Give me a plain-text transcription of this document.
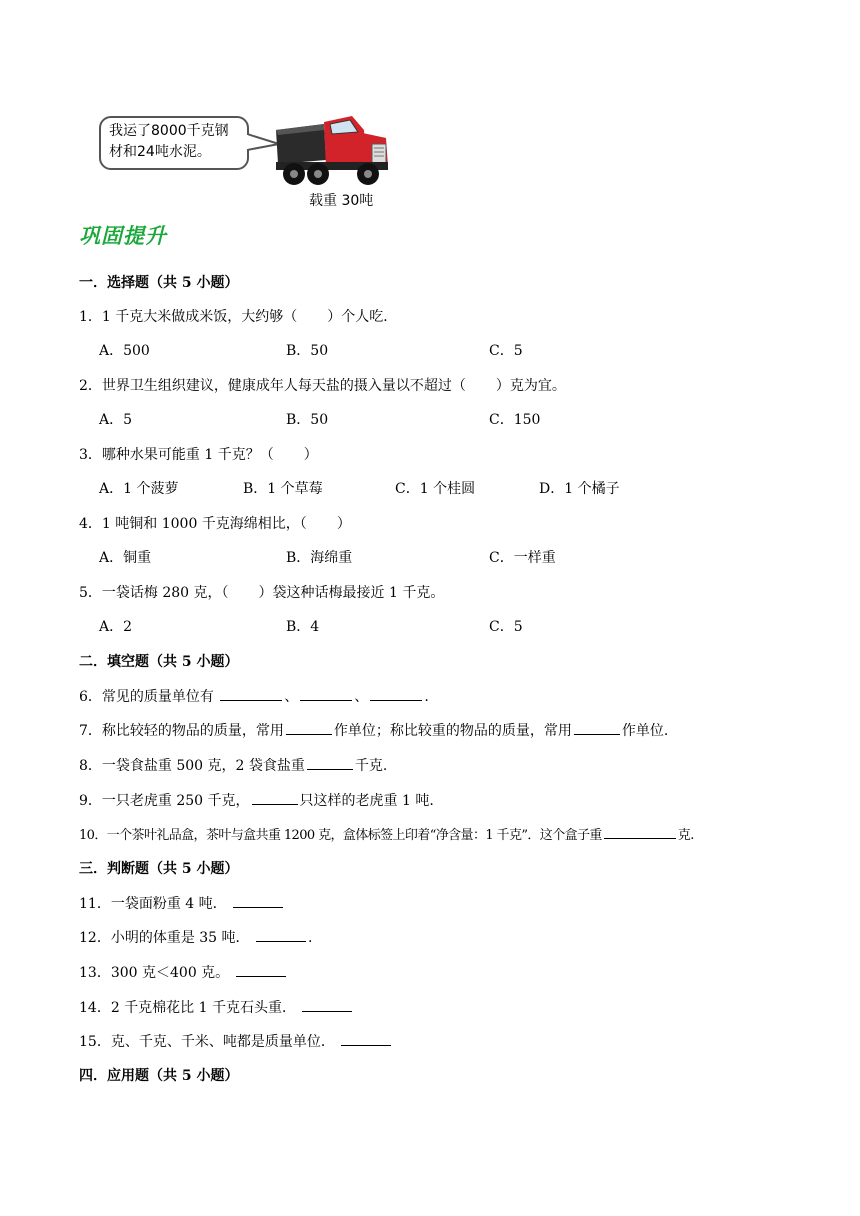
我运了8000千克钢材和24吨水泥。
载重 30吨
巩固提升
一．选择题（共 5 小题）
1．1 千克大米做成米饭，大约够（ ）个人吃．
A．500	B．50	C．5
2．世界卫生组织建议，健康成年人每天盐的摄入量以不超过（ ）克为宜。
A．5	B．50	C．150
3．哪种水果可能重 1 千克？（ ）
A．1 个菠萝	B．1 个草莓	C．1 个桂圆	D．1 个橘子
4．1 吨铜和 1000 千克海绵相比，（ ）
A．铜重	B．海绵重	C．一样重
5．一袋话梅 280 克，（ ）袋这种话梅最接近 1 千克。
A．2	B．4	C．5
二．填空题（共 5 小题）
6．常见的质量单位有	、	、	.
7．称比较轻的物品的质量，常用	作单位；称比较重的物品的质量，常用	作单位.
8．一袋食盐重 500 克，2 袋食盐重	千克.
9．一只老虎重 250 千克，	只这样的老虎重 1 吨.
10．一个茶叶礼品盒，茶叶与盒共重 1200 克，盒体标签上印着“净含量：1 千克”．这个盒子重	克.
三．判断题（共 5 小题）
11．一袋面粉重 4 吨．
12．小明的体重是 35 吨．	.
13．300 克＜400 克。
14．2 千克棉花比 1 千克石头重．
15．克、千克、千米、吨都是质量单位．
四．应用题（共 5 小题）
